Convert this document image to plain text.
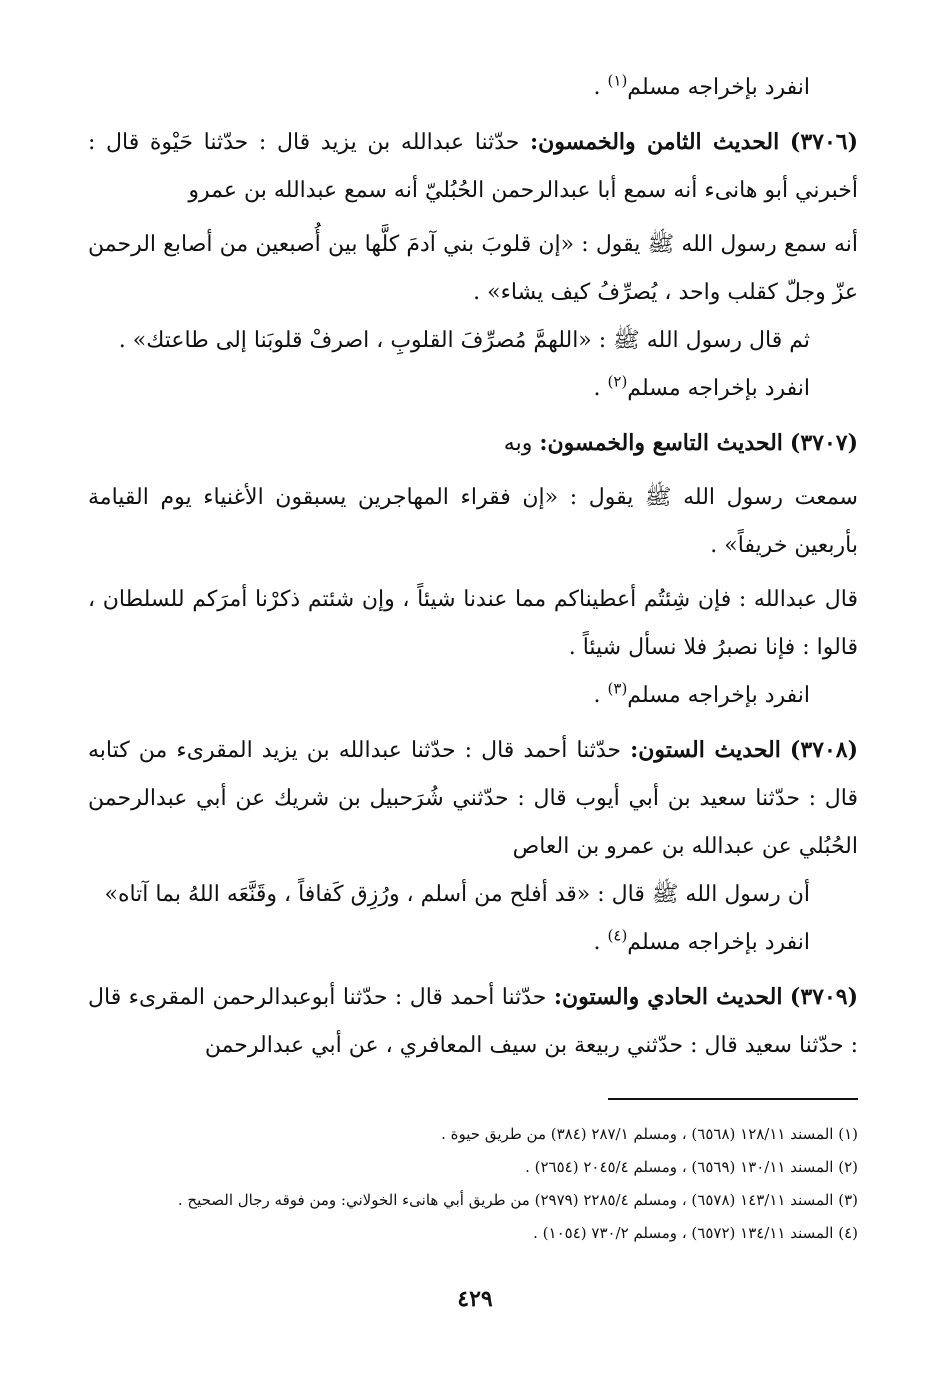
انفرد بإخراجه مسلم$^{(١)}$ .

(٣٧٠٦) الحديث الثامن والخمسون: حدّثنا عبدالله بن يزيد قال : حدّثنا حَيْوة قال : أخبرني أبو هانىء أنه سمع أبا عبدالرحمن الحُبُليّ أنه سمع عبدالله بن عمرو

أنه سمع رسول الله ﷺ يقول : «إن قلوبَ بني آدمَ كلَّها بين أُصبعين من أصابع الرحمن عزّ وجلّ كقلب واحد ، يُصرِّفُ كيف يشاء» .

ثم قال رسول الله ﷺ : «اللهمَّ مُصرِّفَ القلوبِ ، اصرفْ قلوبَنا إلى طاعتك» .

انفرد بإخراجه مسلم$^{(٢)}$ .

(٣٧٠٧) الحديث التاسع والخمسون: وبه

سمعت رسول الله ﷺ يقول : «إن فقراء المهاجرين يسبقون الأغنياء يوم القيامة بأربعين خريفاً» .

قال عبدالله : فإن شِئتُم أعطيناكم مما عندنا شيئاً ، وإن شئتم ذكرْنا أمرَكم للسلطان ، قالوا : فإنا نصبرُ فلا نسأل شيئاً .

انفرد بإخراجه مسلم$^{(٣)}$ .

(٣٧٠٨) الحديث الستون: حدّثنا أحمد قال : حدّثنا عبدالله بن يزيد المقرىء من كتابه قال : حدّثنا سعيد بن أبي أيوب قال : حدّثني شُرَحبيل بن شريك عن أبي عبدالرحمن الحُبُلي عن عبدالله بن عمرو بن العاص

أن رسول الله ﷺ قال : «قد أفلح من أسلم ، ورُزِق كَفافاً ، وقَنَّعَه اللهُ بما آتاه»

انفرد بإخراجه مسلم$^{(٤)}$ .

(٣٧٠٩) الحديث الحادي والستون: حدّثنا أحمد قال : حدّثنا أبوعبدالرحمن المقرىء قال : حدّثنا سعيد قال : حدّثني ربيعة بن سيف المعافري ، عن أبي عبدالرحمن

(١) المسند ١٢٨/١١ (٦٥٦٨) ، ومسلم ٢٨٧/١ (٣٨٤) من طريق حيوة .
(٢) المسند ١٣٠/١١ (٦٥٦٩) ، ومسلم ٢٠٤٥/٤ (٢٦٥٤) .
(٣) المسند ١٤٣/١١ (٦٥٧٨) ، ومسلم ٢٢٨٥/٤ (٢٩٧٩) من طريق أبي هانىء الخولاني: ومن فوقه رجال الصحيح .
(٤) المسند ١٣٤/١١ (٦٥٧٢) ، ومسلم ٧٣٠/٢ (١٠٥٤) .
٤٢٩
